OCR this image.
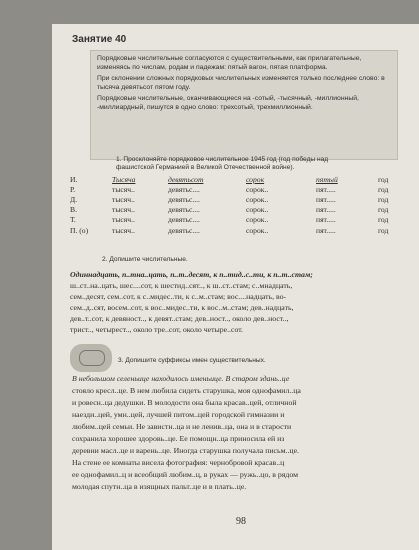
Занятие 40

Порядковые числительные согласуются с существительными, как прилагательные, изменяясь по числам, родам и падежам: пятый вагон, пятая платформа.

При склонении сложных порядковых числительных изменяется только последнее слово: в тысяча девятьсот пятом году.

Порядковые числительные, оканчивающиеся на -сотый, -тысячный, -миллионный, -миллиардный, пишутся в одно слово: трехсотый, трехмиллионный.

1. Просклоняйте порядковое числительное 1945 год (год победы над
фашистской Германией в Великой Отечественной войне).
И.	Тысяча	девятьсот	сорок	пятый	год
Р.	тысяч..	девятьс....	сорок..	пят.....	год
Д.	тысяч..	девятьс....	сорок..	пят.....	год
В.	тысяч..	девятьс....	сорок..	пят.....	год
Т.	тысяч..	девятьс....	сорок..	пят.....	год
П. (о)	тысяч..	девятьс....	сорок..	пят.....	год
2. Допишите числительные.
Одиннадцать, п..тна..цать, п..т..десят, к п..тид..с..ти, к п..т..стам;
ш..ст..на..цать, шес....сот, к шестид..сят.., к ш..ст..стам; с..мнадцать,
сем..десят, сем..сот, к с..мидес..ти, к с..м..стам; вос....надцать, во-
сем..д..сят, восем..сот, к вос..мидес..ти, к вос..м..стам; дев..надцать,
дев..т..сот, к девяност.., к девят..стам; дев..ност.., около дев..ност..,
трист.., четырест.., около тре..сот, около четыре..сот.
3. Допишите суффиксы имен существительных.
В небольшом селеньице находилось именьице. В старом здань..це
стояло кресл..це. В нем любила сидеть старушка, моя однофамил..ца
и ровесн..ца дедушки. В молодости она была красав..цей, отличной
наезди..цей, умн..цей, лучшей питом..цей городской гимназии и
любим..цей семьи. Не завистн..ца и не ленив..ца, она и в старости
сохранила хорошее здоровь..це. Ее помощн..ца приносила ей из
деревни масл..це и варень..це. Иногда старушка получала письм..це.
На стене ее комнаты висела фотография: черноброво​й красав..ц
ее однофамил..ц и всеобщий любим..ц, в руках — ружь..цо, в рядом
молодая спутн..ца в изящных пальт..це и в плать..це.
98
